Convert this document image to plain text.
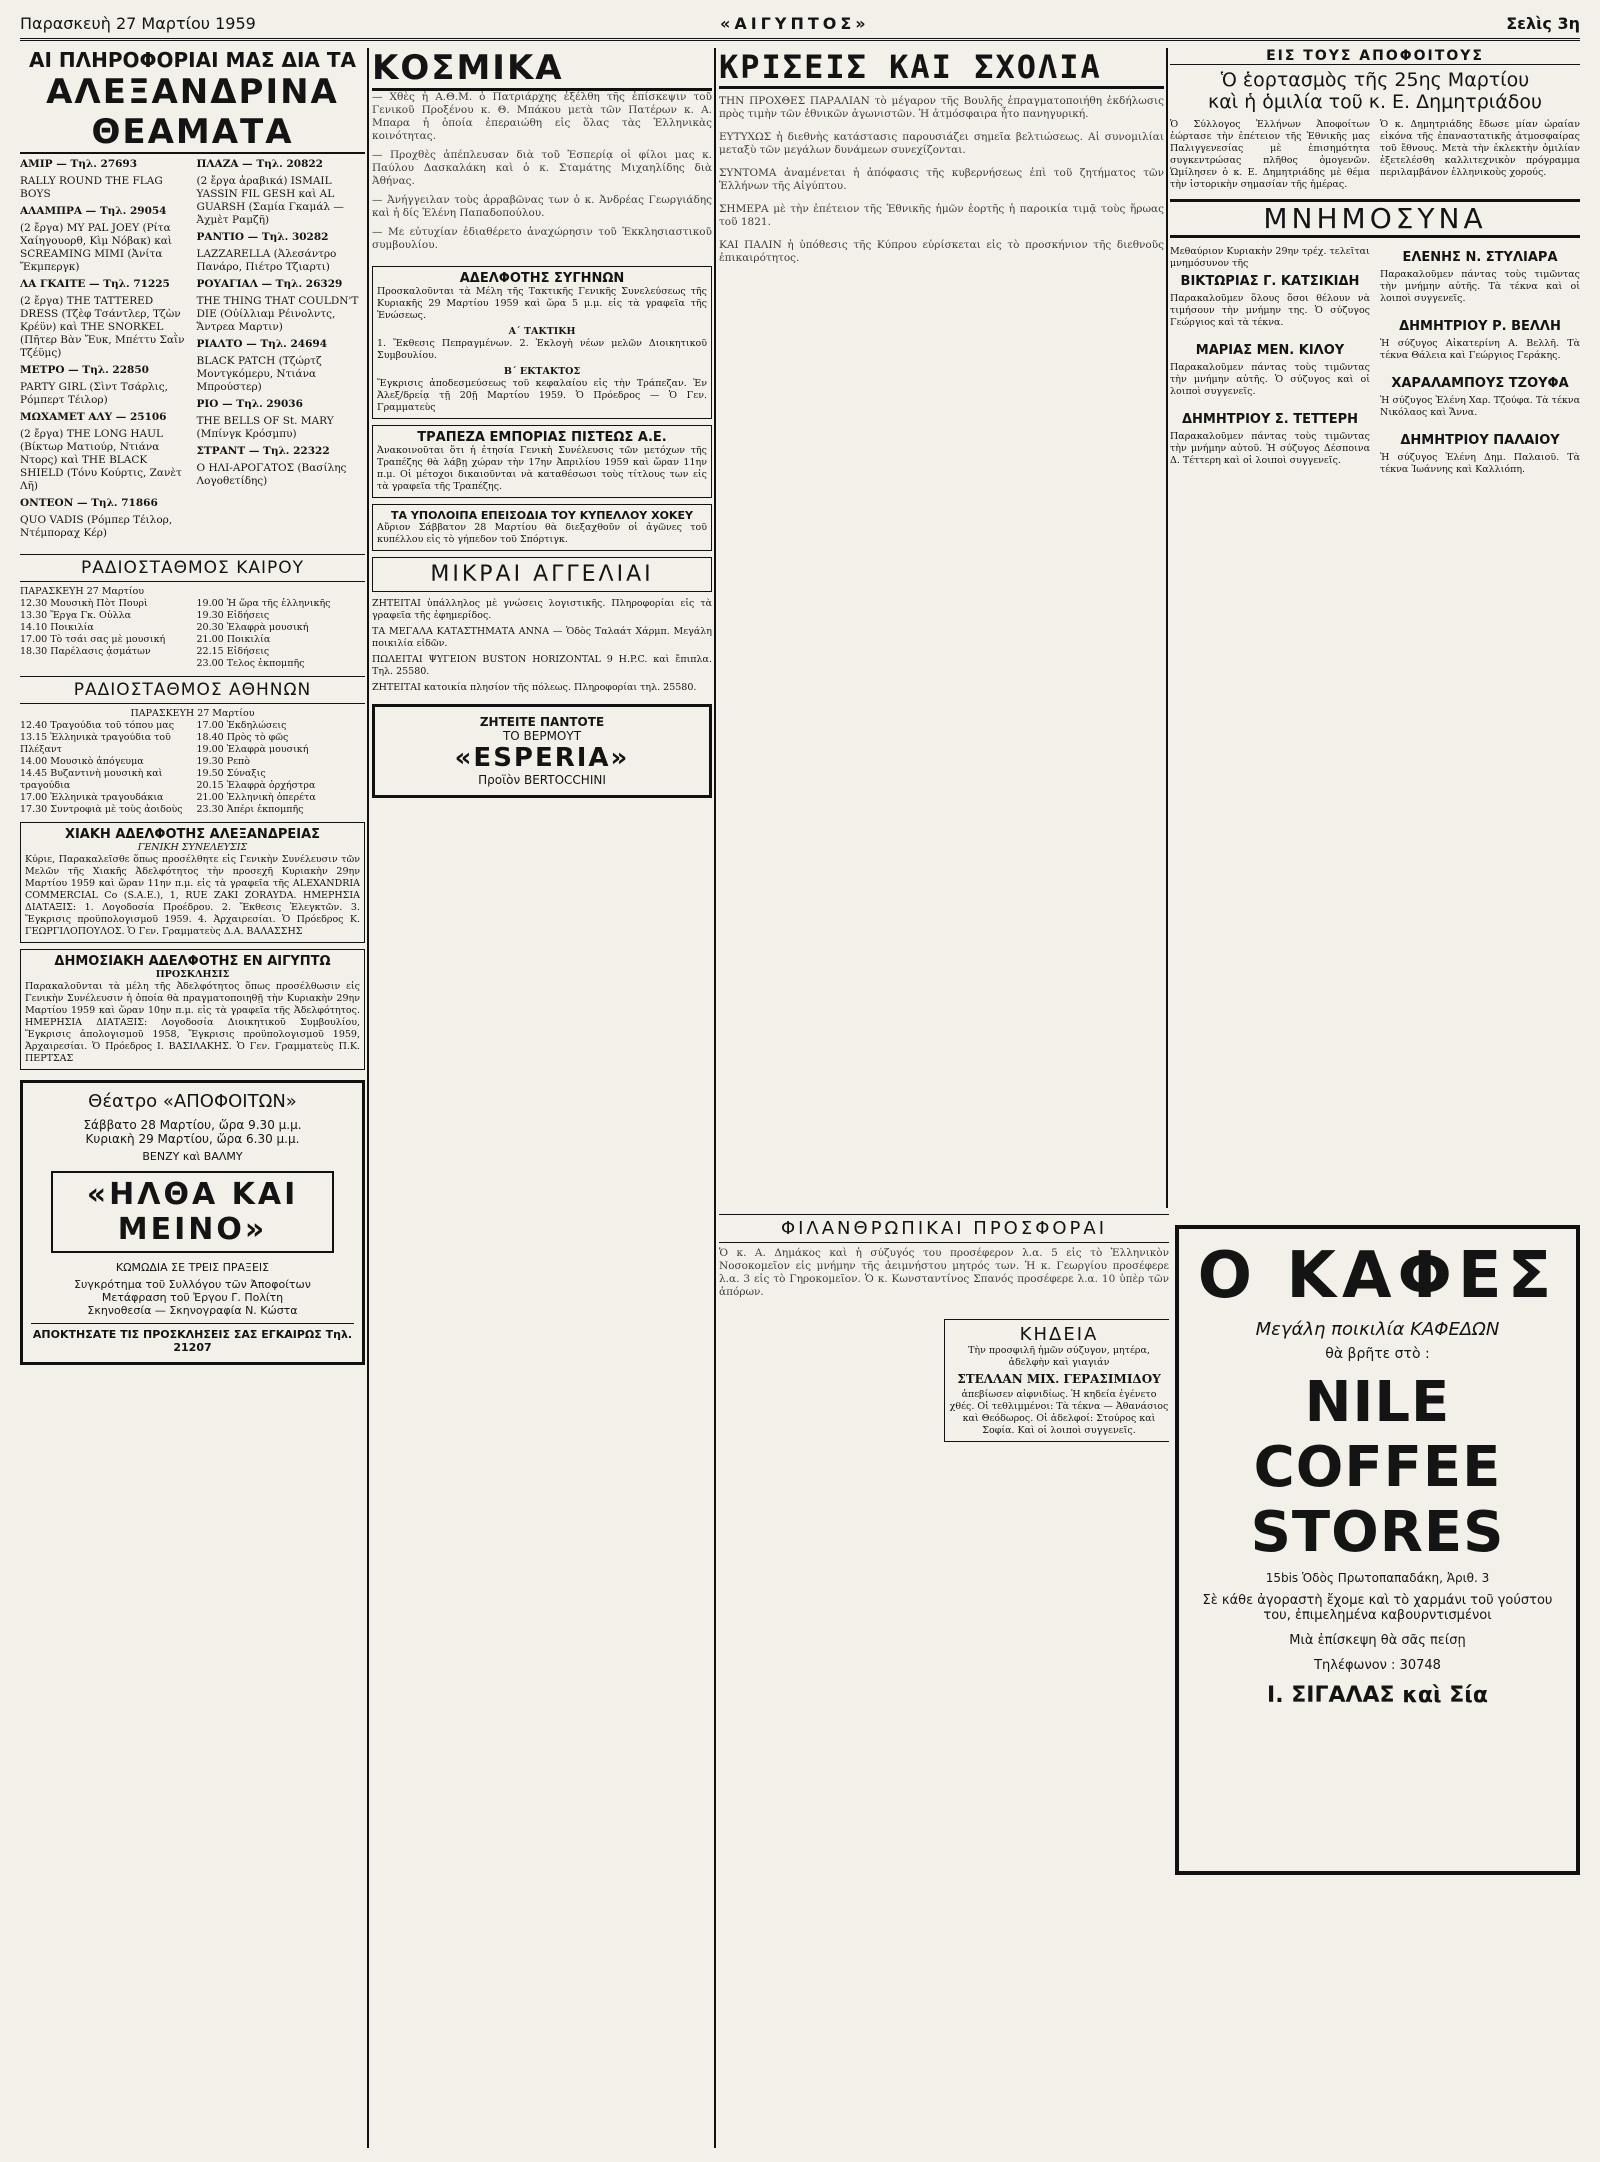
Παρασκευὴ 27 Μαρτίου 1959	«ΑΙΓΥΠΤΟΣ»	Σελὶς 3η
ΑΙ ΠΛΗΡΟΦΟΡΙΑΙ ΜΑΣ ΔΙΑ ΤΑ
ΑΛΕΞΑΝΔΡΙΝΑ ΘΕΑΜΑΤΑ
ΑΜΙΡ — Τηλ. 27693
RALLY ROUND THE FLAG BOYS
ΑΛΑΜΠΡΑ — Τηλ. 29054
(2 ἔργα) MY PAL JOEY (Ρίτα Χαίηγουορθ, Κὶμ Νόβακ) καὶ SCREAMING MIMI (Ἀνίτα Ἔκμπεργκ)
ΛΑ ΓΚΑΙΤΕ — Τηλ. 71225
(2 ἔργα) THE TATTERED DRESS (Τζὲφ Τσάντλερ, Τζὼν Κρέϋν) καὶ THE SNORKEL (Πῆτερ Βὰν Ἔυκ, Μπέττυ Σαῒν Τζέϋμς)
ΜΕΤΡΟ — Τηλ. 22850
PARTY GIRL (Σὶντ Τσάρλις, Ρόμπερτ Τέιλορ)
ΜΩΧΑΜΕΤ ΑΛΥ — 25106
(2 ἔργα) THE LONG HAUL (Βίκτωρ Ματιούρ, Ντιάνα Ντορς) καὶ THE BLACK SHIELD (Τόνυ Κούρτις, Ζανὲτ Λῆ)
ΟΝΤΕΟΝ — Τηλ. 71866
QUO VADIS (Ρόμπερ Τέιλορ, Ντέμποραχ Κέρ)
ΠΛΑΖΑ — Τηλ. 20822
(2 ἔργα ἀραβικά) ISMAIL YASSIN FIL GESH καὶ AL GUARSH (Σαμία Γκαμάλ — Ἀχμὲτ Ραμζῆ)
ΡΑΝΤΙΟ — Τηλ. 30282
LAZZARELLA (Ἀλεσάντρο Πανάρο, Πιέτρο Τζιαρτι)
ΡΟΥΑΓΙΑΛ — Τηλ. 26329
THE THING THAT COULDN'T DIE (Οὐίλλιαμ Ρέινολντς, Ἄντρεα Μαρτιν)
ΡΙΑΛΤΟ — Τηλ. 24694
BLACK PATCH (Τζώρτζ Μοντγκόμερυ, Ντιάνα Μπρούστερ)
ΡΙΟ — Τηλ. 29036
THE BELLS OF St. MARY (Μπίνγκ Κρόσμπυ)
ΣΤΡΑΝΤ — Τηλ. 22322
Ο ΗΛΙ-ΑΡΟΓΑΤΟΣ (Βασίλης Λογοθετίδης)
ΡΑΔΙΟΣΤΑΘΜΟΣ ΚΑΙΡΟΥ
ΠΑΡΑΣΚΕΥΗ 27 Μαρτίου
12.30 Μουσικὴ Πὸτ Πουρὶ
13.30 Ἔργα Γκ. Οὐλλα
14.10 Ποικιλία
17.00 Τὸ τσάι σας μὲ μουσική
18.30 Παρέλασις ᾀσμάτων
19.00 Ἡ ὥρα τῆς ἑλληνικῆς
19.30 Εἰδήσεις
20.30 Ἐλαφρὰ μουσική
21.00 Ποικιλία
22.15 Εἰδήσεις
23.00 Τελος ἐκπομπῆς
ΡΑΔΙΟΣΤΑΘΜΟΣ ΑΘΗΝΩΝ
ΠΑΡΑΣΚΕΥΗ 27 Μαρτίου
12.40 Τραγούδια τοῦ τόπου μας
13.15 Ἑλληνικὰ τραγούδια τοῦ Πλέξαντ
14.00 Μουσικὸ ἀπόγευμα
14.45 Βυζαντινὴ μουσικὴ καὶ τραγούδια
17.00 Ἑλληνικὰ τραγουδάκια
17.30 Συντροφιὰ μὲ τοὺς ἀοιδοὺς
17.00 Ἐκδηλώσεις
18.40 Πρὸς τὸ φῶς
19.00 Ἐλαφρὰ μουσική
19.30 Ρεπὸ
19.50 Σύναξις
20.15 Ἐλαφρὰ ὀρχήστρα
21.00 Ἐλληνικὴ ὀπερέτα
23.30 Ἀπέρι ἐκπομπῆς
ΧΙΑΚΗ ΑΔΕΛΦΟΤΗΣ ΑΛΕΞΑΝΔΡΕΙΑΣ
ΓΕΝΙΚΗ ΣΥΝΕΛΕΥΣΙΣ
Κύριε, Παρακαλεῖσθε ὅπως προσέλθητε εἰς Γενικὴν Συνέλευσιν τῶν Μελῶν τῆς Χιακῆς Ἀδελφότητος τὴν προσεχῆ Κυριακὴν 29ην Μαρτίου 1959 καὶ ὥραν 11ην π.μ. εἰς τὰ γραφεῖα τῆς ALEXANDRIA COMMERCIAL Co (S.A.E.), 1, RUE ZAKI ZORAYDA. ΗΜΕΡΗΣΙΑ ΔΙΑΤΑΞΙΣ: 1. Λογοδοσία Προέδρου. 2. Ἔκθεσις Ἐλεγκτῶν. 3. Ἔγκρισις προϋπολογισμοῦ 1959. 4. Ἀρχαιρεσίαι. Ὁ Πρόεδρος Κ. ΓΕΩΡΓΙΛΟΠΟΥΛΟΣ. Ὁ Γεν. Γραμματεὺς Δ.Α. ΒΑΛΑΣΣΗΣ
ΔΗΜΟΣΙΑΚΗ ΑΔΕΛΦΟΤΗΣ ΕΝ ΑΙΓΥΠΤΩ
ΠΡΟΣΚΛΗΣΙΣ
Παρακαλοῦνται τὰ μέλη τῆς Ἀδελφότητος ὅπως προσέλθωσιν εἰς Γενικὴν Συνέλευσιν ἡ ὁποία θὰ πραγματοποιηθῇ τὴν Κυριακὴν 29ην Μαρτίου 1959 καὶ ὥραν 10ην π.μ. εἰς τὰ γραφεῖα τῆς Ἀδελφότητος. ΗΜΕΡΗΣΙΑ ΔΙΑΤΑΞΙΣ: Λογοδοσία Διοικητικοῦ Συμβουλίου, Ἔγκρισις ἀπολογισμοῦ 1958, Ἔγκρισις προϋπολογισμοῦ 1959, Ἀρχαιρεσίαι. Ὁ Πρόεδρος Ι. ΒΑΣΙΛΑΚΗΣ. Ὁ Γεν. Γραμματεὺς Π.Κ. ΠΕΡΤΣΑΣ
Θέατρο «ΑΠΟΦΟΙΤΩΝ»
Σάββατο 28 Μαρτίου, ὥρα 9.30 μ.μ.
Κυριακὴ 29 Μαρτίου, ὥρα 6.30 μ.μ.
ΒΕΝΖΥ καὶ ΒΑΛΜΥ
«ΗΛΘΑ ΚΑΙ ΜΕΙΝΟ»
ΚΩΜΩΔΙΑ ΣΕ ΤΡΕΙΣ ΠΡΑΞΕΙΣ
Συγκρότημα τοῦ Συλλόγου τῶν Ἀποφοίτων
Μετάφραση τοῦ Ἐργου Γ. Πολίτη
Σκηνοθεσία — Σκηνογραφία Ν. Κώστα
ΑΠΟΚΤΗΣΑΤΕ ΤΙΣ ΠΡΟΣΚΛΗΣΕΙΣ ΣΑΣ ΕΓΚΑΙΡΩΣ Τηλ. 21207
ΚΟΣΜΙΚΑ
— Χθὲς ἡ Α.Θ.Μ. ὁ Πατριάρχης ἐξέλθη τῆς ἐπίσκεψιν τοῦ Γενικοῦ Προξένου κ. Θ. Μπάκου μετὰ τῶν Πατέρων κ. Α. Μπαρα ἡ ὁποία ἐπεραιώθη εἰς ὅλας τὰς Ἑλληνικὰς κοινότητας.
— Προχθὲς ἀπέπλευσαν διὰ τοῦ Ἐσπερίᾳ οἱ φίλοι μας κ. Παύλου Δασκαλάκη καὶ ὁ κ. Σταμάτης Μιχαηλίδης διὰ Ἀθήνας.
— Ἀνήγγειλαν τοὺς ἀρραβῶνας των ὁ κ. Ἀνδρέας Γεωργιάδης καὶ ἡ δίς Ἑλένη Παπαδοπούλου.
— Με εὐτυχίαν ἐδιαθέρετο ἀναχώρησιν τοῦ Ἐκκλησιαστικοῦ συμβουλίου.
ΑΔΕΛΦΟΤΗΣ ΣΥΓΗΝΩΝ
Προσκαλοῦνται τὰ Μέλη τῆς Τακτικῆς Γενικῆς Συνελεύσεως τῆς Κυριακῆς 29 Μαρτίου 1959 καὶ ὥρα 5 μ.μ. εἰς τὰ γραφεῖα τῆς Ἑνώσεως.
Α΄ ΤΑΚΤΙΚΗ
1. Ἔκθεσις Πεπραγμένων. 2. Ἐκλογὴ νέων μελῶν Διοικητικοῦ Συμβουλίου.
Β΄ ΕΚΤΑΚΤΟΣ
Ἔγκρισις ἀποδεσμεύσεως τοῦ κεφαλαίου εἰς τὴν Τράπεζαν. Ἐν Ἀλεξ/δρείᾳ τῇ 20ῇ Μαρτίου 1959. Ὁ Πρόεδρος — Ὁ Γεν. Γραμματεὺς
ΤΡΑΠΕΖΑ ΕΜΠΟΡΙΑΣ ΠΙΣΤΕΩΣ Α.Ε.
Ἀνακοινοῦται ὅτι ἡ ἐτησία Γενικὴ Συνέλευσις τῶν μετόχων τῆς Τραπέζης θὰ λάβῃ χώραν τὴν 17ην Ἀπριλίου 1959 καὶ ὥραν 11ην π.μ. Οἱ μέτοχοι δικαιοῦνται νὰ καταθέσωσι τοὺς τίτλους των εἰς τὰ γραφεῖα τῆς Τραπέζης.
ΤΑ ΥΠΟΛΟΙΠΑ ΕΠΕΙΣΟΔΙΑ ΤΟΥ ΚΥΠΕΛΛΟΥ ΧΟΚΕΥ
Αὔριον Σάββατον 28 Μαρτίου θὰ διεξαχθοῦν οἱ ἀγῶνες τοῦ κυπέλλου εἰς τὸ γήπεδον τοῦ Σπόρτιγκ.
ΜΙΚΡΑΙ ΑΓΓΕΛΙΑΙ
ΖΗΤΕΙΤΑΙ ὑπάλληλος μὲ γνώσεις λογιστικῆς. Πληροφορίαι εἰς τὰ γραφεῖα τῆς ἐφημερίδος.
ΤΑ ΜΕΓΑΛΑ ΚΑΤΑΣΤΗΜΑΤΑ ΑΝΝΑ — Ὁδὸς Ταλαάτ Χάρμπ. Μεγάλη ποικιλία εἰδῶν.
ΠΩΛΕΙΤΑΙ ΨΥΓΕΙΟΝ BUSTON HORIZONTAL 9 H.P.C. καὶ ἔπιπλα. Τηλ. 25580.
ΖΗΤΕΙΤΑΙ κατοικία πλησίον τῆς πόλεως. Πληροφορίαι τηλ. 25580.
ΖΗΤΕΙΤΕ ΠΑΝΤΟΤΕ
ΤΟ ΒΕΡΜΟΥΤ
«ESPERIA»
Προϊὸν BERTOCCHINI
ΚΡΙΣΕΙΣ ΚΑΙ ΣΧΟΛΙΑ
ΤΗΝ ΠΡΟΧΘΕΣ ΠΑΡΑΛΙΑΝ τὸ μέγαρον τῆς Βουλῆς ἐπραγματοποιήθη ἐκδήλωσις πρὸς τιμὴν τῶν ἐθνικῶν ἀγωνιστῶν. Ἡ ἀτμόσφαιρα ἦτο πανηγυρική.
ΕΥΤΥΧΩΣ ἡ διεθνὴς κατάστασις παρουσιάζει σημεῖα βελτιώσεως. Αἱ συνομιλίαι μεταξὺ τῶν μεγάλων δυνάμεων συνεχίζονται.
ΣΥΝΤΟΜΑ ἀναμένεται ἡ ἀπόφασις τῆς κυβερνήσεως ἐπὶ τοῦ ζητήματος τῶν Ἑλλήνων τῆς Αἰγύπτου.
ΣΗΜΕΡΑ μὲ τὴν ἐπέτειον τῆς Ἐθνικῆς ἡμῶν ἑορτῆς ἡ παροικία τιμᾷ τοὺς ἥρωας τοῦ 1821.
ΚΑΙ ΠΑΛΙΝ ἡ ὑπόθεσις τῆς Κύπρου εὑρίσκεται εἰς τὸ προσκήνιον τῆς διεθνοῦς ἐπικαιρότητος.
ΦΙΛΑΝΘΡΩΠΙΚΑΙ ΠΡΟΣΦΟΡΑΙ
Ὁ κ. Α. Δημάκος καὶ ἡ σύζυγός του προσέφερον λ.α. 5 εἰς τὸ Ἑλληνικὸν Νοσοκομεῖον εἰς μνήμην τῆς ἀειμνήστου μητρός των. Ἡ κ. Γεωργίου προσέφερε λ.α. 3 εἰς τὸ Γηροκομεῖον. Ὁ κ. Κωνσταντίνος Σπανός προσέφερε λ.α. 10 ὑπὲρ τῶν ἀπόρων.
ΚΗΔΕΙΑ
Τὴν προσφιλῆ ἡμῶν σύζυγον, μητέρα, ἀδελφὴν καὶ γιαγιάν
ΣΤΕΛΛΑΝ ΜΙΧ. ΓΕΡΑΣΙΜΙΔΟΥ
ἀπεβίωσεν αἰφνιδίως. Ἡ κηδεία ἐγένετο χθές. Οἱ τεθλιμμένοι: Τὰ τέκνα — Ἀθανάσιος καὶ Θεόδωρος. Οἱ ἀδελφοί: Στούρος καὶ Σοφία. Καὶ οἱ λοιποὶ συγγενεῖς.
ΕΙΣ ΤΟΥΣ ΑΠΟΦΟΙΤΟΥΣ
Ὁ ἑορτασμὸς τῆς 25ης Μαρτίου
καὶ ἡ ὁμιλία τοῦ κ. Ε. Δημητριάδου
Ὁ Σύλλογος Ἑλλήνων Ἀποφοίτων ἑώρτασε τὴν ἐπέτειον τῆς Ἐθνικῆς μας Παλιγγενεσίας μὲ ἐπισημότητα συγκεντρώσας πλῆθος ὁμογενῶν. Ὡμίλησεν ὁ κ. Ε. Δημητριάδης μὲ θέμα τὴν ἱστορικὴν σημασίαν τῆς ἡμέρας.
Ὁ κ. Δημητριάδης ἔδωσε μίαν ὡραίαν εἰκόνα τῆς ἐπαναστατικῆς ἀτμοσφαίρας τοῦ ἔθνους. Μετὰ τὴν ἐκλεκτὴν ὁμιλίαν ἐξετελέσθη καλλιτεχνικὸν πρόγραμμα περιλαμβάνον ἑλληνικοὺς χορούς.
ΜΝΗΜΟΣΥΝΑ
Μεθαύριον Κυριακὴν 29ην τρέχ. τελεῖται μνημόσυνον τῆς
ΒΙΚΤΩΡΙΑΣ Γ. ΚΑΤΣΙΚΙΔΗ
Παρακαλοῦμεν ὅλους ὅσοι θέλουν νὰ τιμήσουν τὴν μνήμην της. Ὁ σύζυγος Γεώργιος καὶ τὰ τέκνα.
ΜΑΡΙΑΣ ΜΕΝ. ΚΙΛΟΥ
Παρακαλοῦμεν πάντας τοὺς τιμῶντας τὴν μνήμην αὐτῆς. Ὁ σύζυγος καὶ οἱ λοιποὶ συγγενεῖς.
ΔΗΜΗΤΡΙΟΥ Σ. ΤΕΤΤΕΡΗ
Παρακαλοῦμεν πάντας τοὺς τιμῶντας τὴν μνήμην αὐτοῦ. Ἡ σύζυγος Δέσποινα Δ. Τέττερη καὶ οἱ λοιποὶ συγγενεῖς.
ΕΛΕΝΗΣ Ν. ΣΤΥΛΙΑΡΑ
Παρακαλοῦμεν πάντας τοὺς τιμῶντας τὴν μνήμην αὐτῆς. Τὰ τέκνα καὶ οἱ λοιποὶ συγγενεῖς.
ΔΗΜΗΤΡΙΟΥ Ρ. ΒΕΛΛΗ
Ἡ σύζυγος Αἰκατερίνη Α. Βελλῆ. Τὰ τέκνα Θάλεια καὶ Γεώργιος Γεράκης.
ΧΑΡΑΛΑΜΠΟΥΣ ΤΖΟΥΦΑ
Ἡ σύζυγος Ἑλένη Χαρ. Τζούφα. Τὰ τέκνα Νικόλαος καὶ Ἄννα.
ΔΗΜΗΤΡΙΟΥ ΠΑΛΑΙΟΥ
Ἡ σύζυγος Ἑλένη Δημ. Παλαιοῦ. Τὰ τέκνα Ἰωάννης καὶ Καλλιόπη.
Ο ΚΑΦΕΣ
Μεγάλη ποικιλία ΚΑΦΕΔΩΝ
θὰ βρῆτε στὸ :
NILE COFFEE STORES
15bis Ὁδὸς Πρωτοπαπαδάκη, Ἀριθ. 3
Σὲ κάθε ἀγοραστὴ ἔχομε καὶ τὸ χαρμάνι τοῦ γούστου του, ἐπιμελημένα καβουρντισμένοι
Μιὰ ἐπίσκεψη θὰ σᾶς πείσῃ
Τηλέφωνον : 30748
Ι. ΣΙΓΑΛΑΣ καὶ Σία
